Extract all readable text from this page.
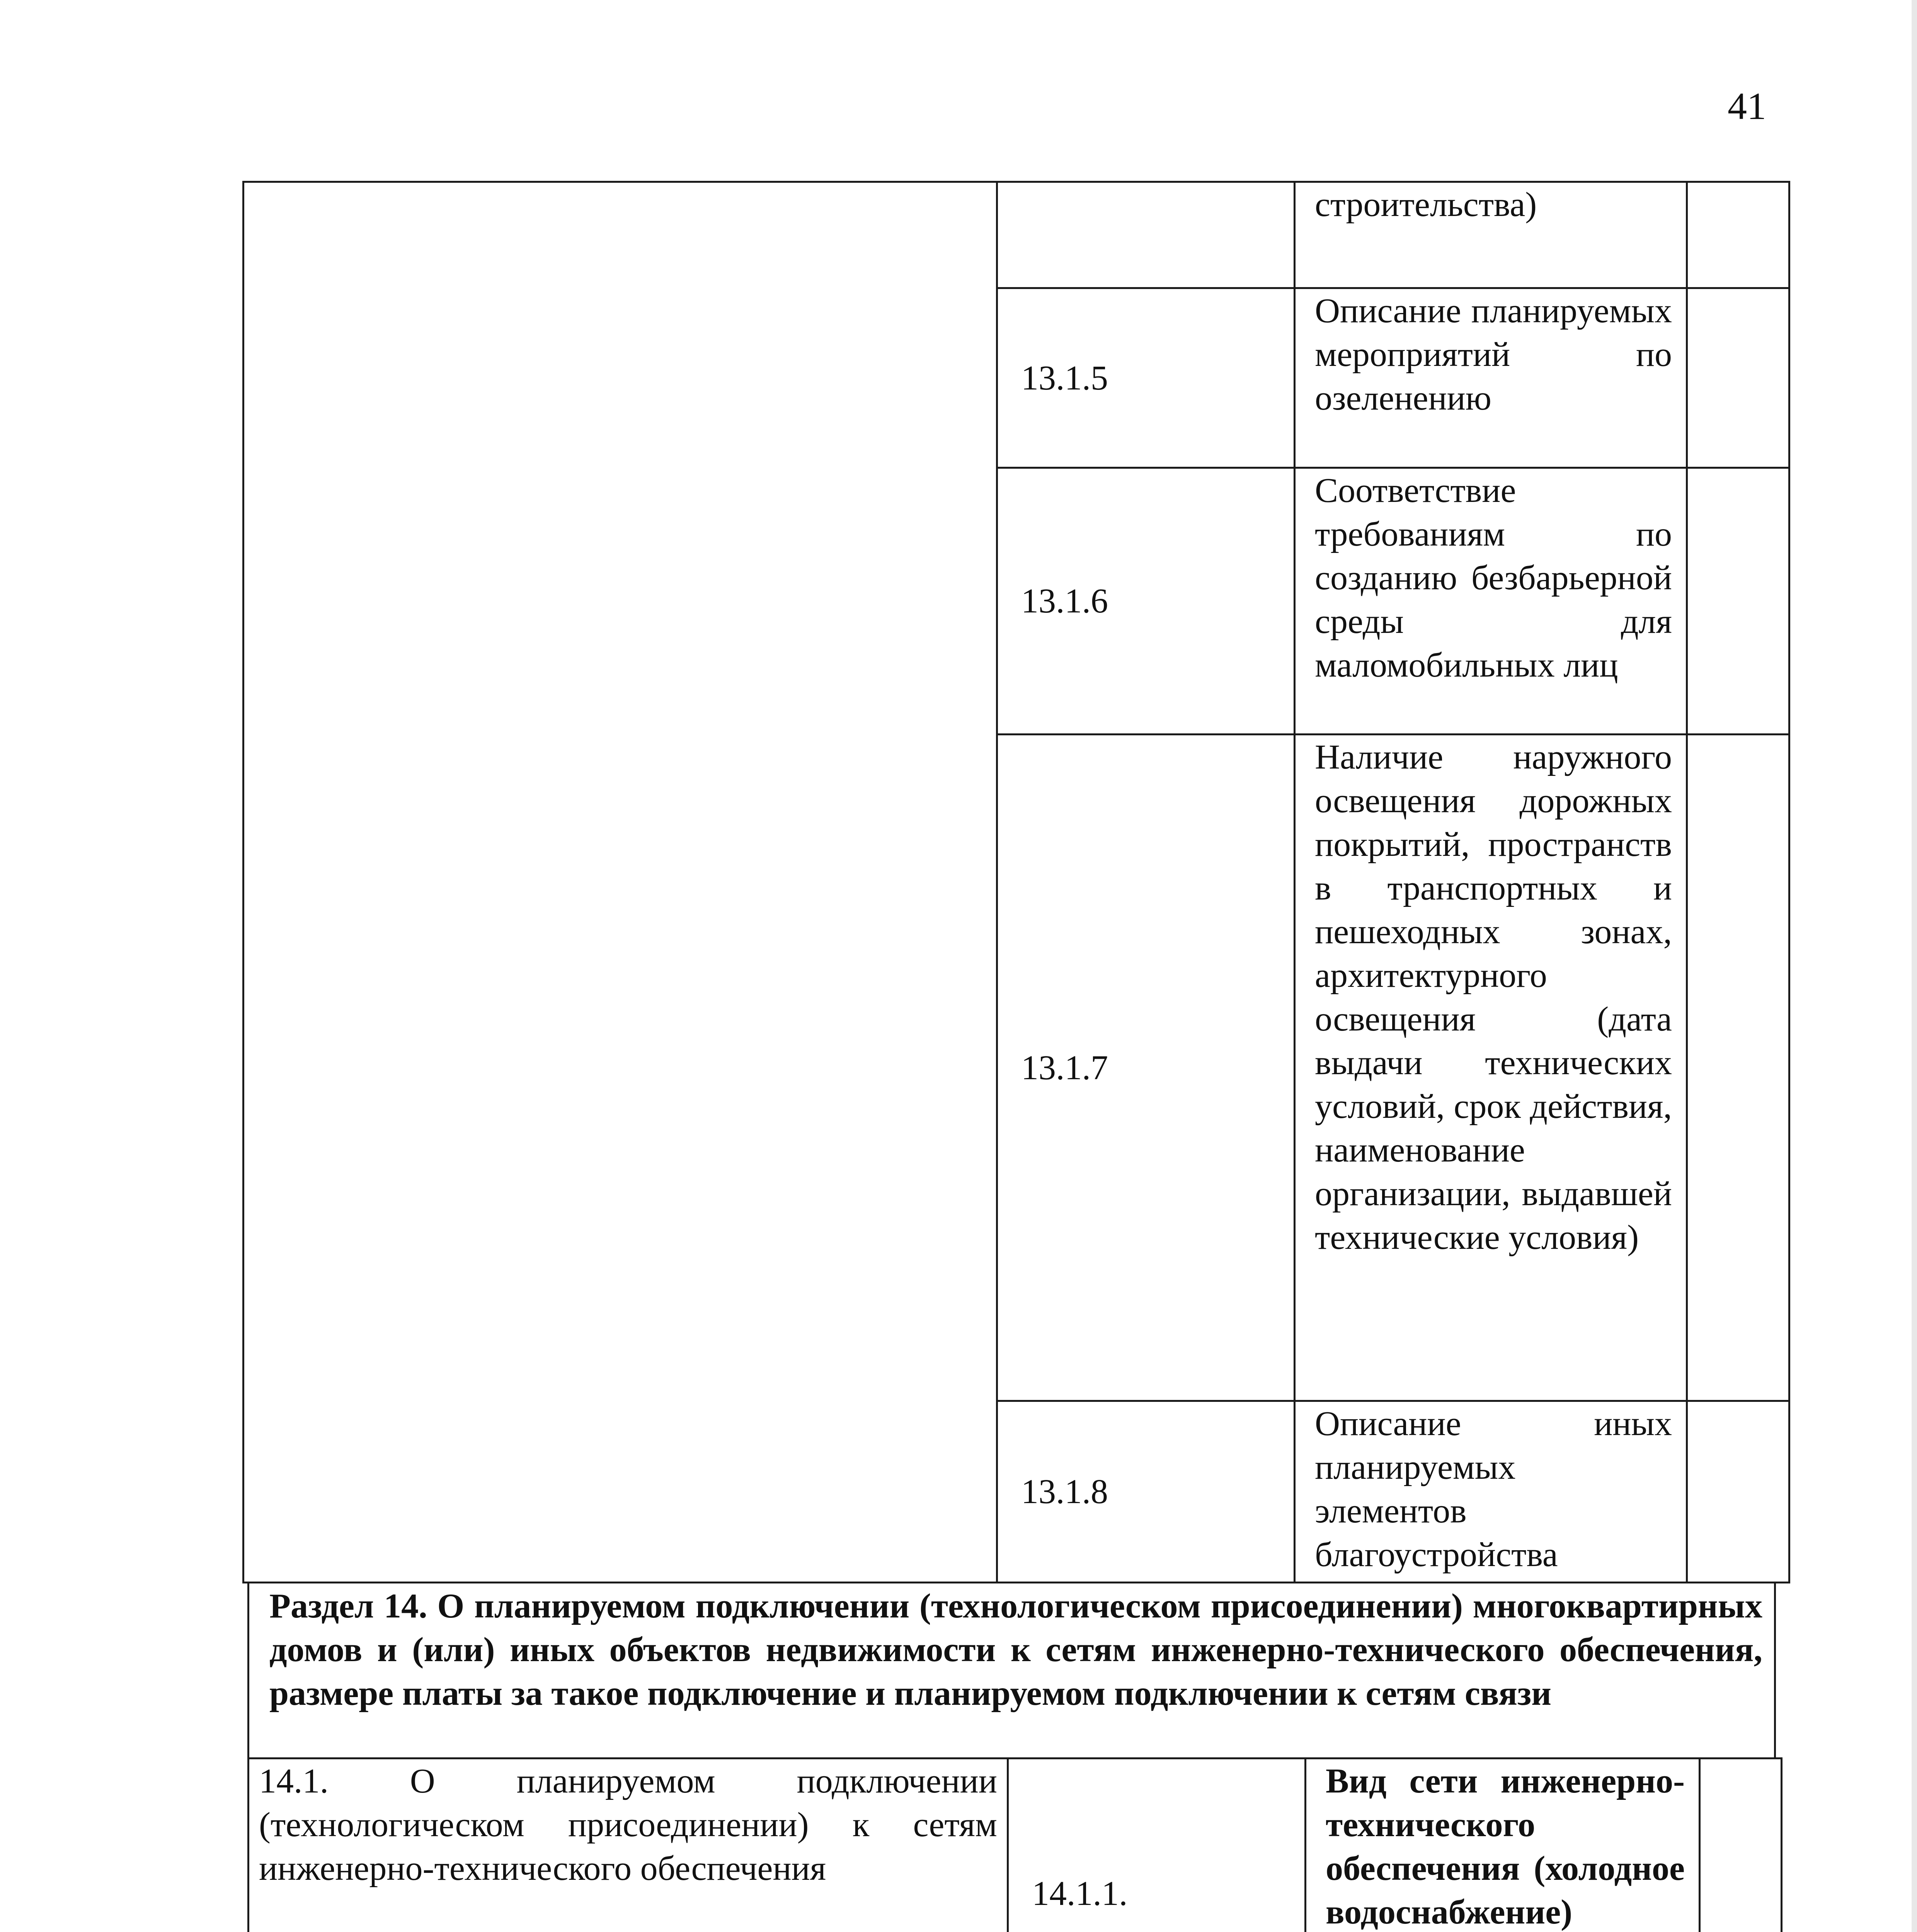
41
		строительства)	
	13.1.5	Описание планируемых мероприятий по озеленению	
	13.1.6	Соответствие требованиям по созданию безбарьерной среды для маломобильных лиц	
	13.1.7	Наличие наружного освещения дорожных покрытий, пространств в транспортных и пешеходных зонах, архитектурного освещения (дата выдачи технических условий, срок действия, наименование организации, выдавшей технические условия)	
	13.1.8	Описание иных планируемых элементов благоустройства	
Раздел 14. О планируемом подключении (технологическом присоединении) многоквартирных домов и (или) иных объектов недвижимости к сетям инженерно-технического обеспечения, размере платы за такое подключение и планируемом подключении к сетям связи
14.1. О планируемом подключении (технологическом присоединении) к сетям инженерно-технического обеспечения	14.1.1.	Вид сети инженерно-технического обеспечения (холодное водоснабжение)	
